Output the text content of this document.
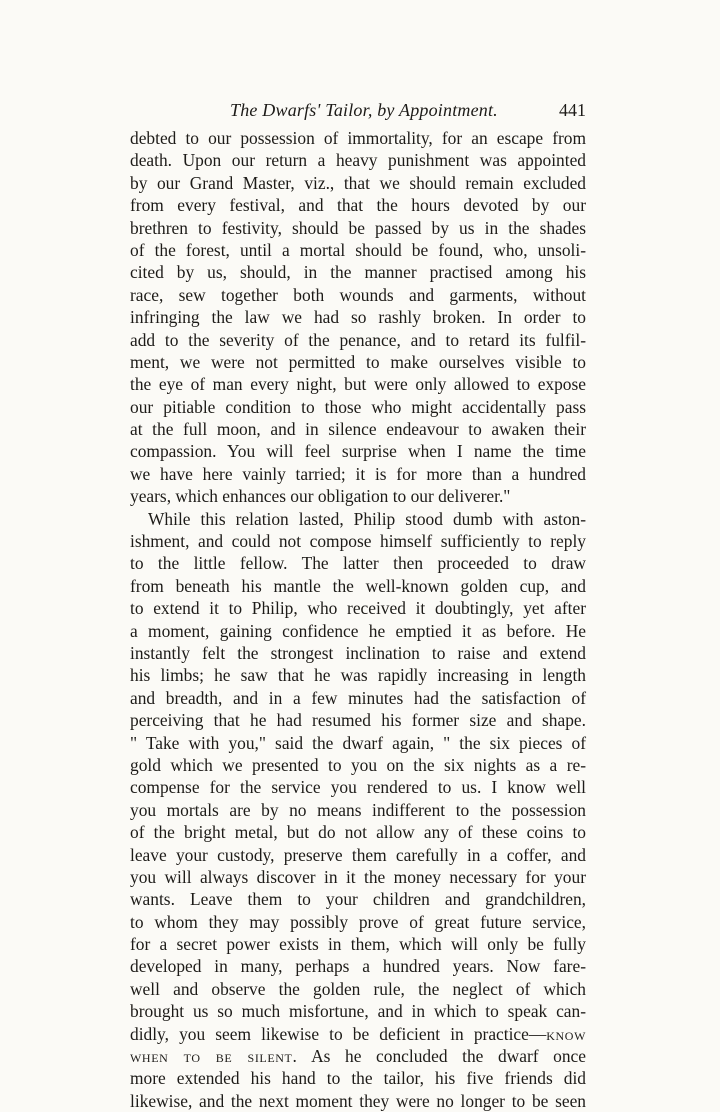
The Dwarfs' Tailor, by Appointment.	441
debted to our possession of immortality, for an escape from
death. Upon our return a heavy punishment was appointed
by our Grand Master, viz., that we should remain excluded
from every festival, and that the hours devoted by our
brethren to festivity, should be passed by us in the shades
of the forest, until a mortal should be found, who, unsoli-
cited by us, should, in the manner practised among his
race, sew together both wounds and garments, without
infringing the law we had so rashly broken. In order to
add to the severity of the penance, and to retard its fulfil-
ment, we were not permitted to make ourselves visible to
the eye of man every night, but were only allowed to expose
our pitiable condition to those who might accidentally pass
at the full moon, and in silence endeavour to awaken their
compassion. You will feel surprise when I name the time
we have here vainly tarried; it is for more than a hundred
years, which enhances our obligation to our deliverer."
While this relation lasted, Philip stood dumb with aston-
ishment, and could not compose himself sufficiently to reply
to the little fellow. The latter then proceeded to draw
from beneath his mantle the well-known golden cup, and
to extend it to Philip, who received it doubtingly, yet after
a moment, gaining confidence he emptied it as before. He
instantly felt the strongest inclination to raise and extend
his limbs; he saw that he was rapidly increasing in length
and breadth, and in a few minutes had the satisfaction of
perceiving that he had resumed his former size and shape.
" Take with you," said the dwarf again, " the six pieces of
gold which we presented to you on the six nights as a re-
compense for the service you rendered to us. I know well
you mortals are by no means indifferent to the possession
of the bright metal, but do not allow any of these coins to
leave your custody, preserve them carefully in a coffer, and
you will always discover in it the money necessary for your
wants. Leave them to your children and grandchildren,
to whom they may possibly prove of great future service,
for a secret power exists in them, which will only be fully
developed in many, perhaps a hundred years. Now fare-
well and observe the golden rule, the neglect of which
brought us so much misfortune, and in which to speak can-
didly, you seem likewise to be deficient in practice—know
when to be silent. As he concluded the dwarf once
more extended his hand to the tailor, his five friends did
likewise, and the next moment they were no longer to be seen
